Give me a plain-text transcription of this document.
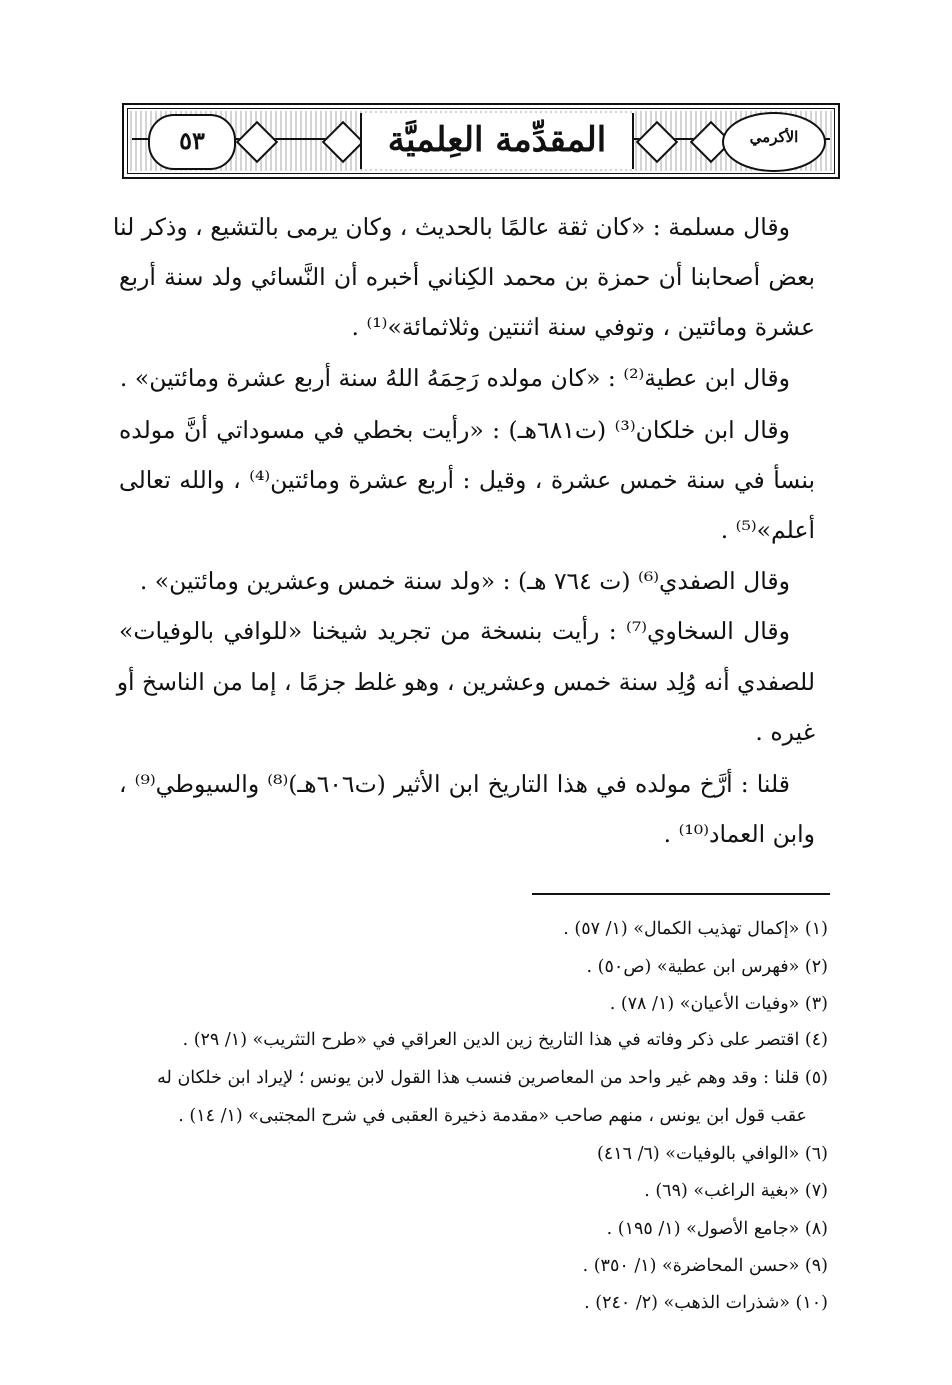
٥٣	المقدِّمة العِلميَّة	الأكرمي
وقال مسلمة : «كان ثقة عالمًا بالحديث ، وكان يرمى بالتشيع ، وذكر لنا
بعض أصحابنا أن حمزة بن محمد الكِناني أخبره أن النَّسائي ولد سنة أربع
عشرة ومائتين ، وتوفي سنة اثنتين وثلاثمائة»⁽¹⁾ .
وقال ابن عطية⁽²⁾ : «كان مولده رَحِمَهُ اللهُ سنة أربع عشرة ومائتين» .
وقال ابن خلكان⁽³⁾ (ت٦٨١هـ) : «رأيت بخطي في مسوداتي أنَّ مولده
بنسأ في سنة خمس عشرة ، وقيل : أربع عشرة ومائتين⁽⁴⁾ ، والله تعالى
أعلم»⁽⁵⁾ .
وقال الصفدي⁽⁶⁾ (ت ٧٦٤ هـ) : «ولد سنة خمس وعشرين ومائتين» .
وقال السخاوي⁽⁷⁾ : رأيت بنسخة من تجريد شيخنا «للوافي بالوفيات»
للصفدي أنه وُلِد سنة خمس وعشرين ، وهو غلط جزمًا ، إما من الناسخ أو
غيره .
قلنا : أرَّخ مولده في هذا التاريخ ابن الأثير (ت٦٠٦هـ)⁽⁸⁾ والسيوطي⁽⁹⁾ ،
وابن العماد⁽¹⁰⁾ .
(١) «إكمال تهذيب الكمال» (١/ ٥٧) .
(٢) «فهرس ابن عطية» (ص٥٠) .
(٣) «وفيات الأعيان» (١/ ٧٨) .
(٤) اقتصر على ذكر وفاته في هذا التاريخ زين الدين العراقي في «طرح التثريب» (١/ ٢٩) .
(٥) قلنا : وقد وهم غير واحد من المعاصرين فنسب هذا القول لابن يونس ؛ لإيراد ابن خلكان له
عقب قول ابن يونس ، منهم صاحب «مقدمة ذخيرة العقبى في شرح المجتبى» (١/ ١٤) .
(٦) «الوافي بالوفيات» (٦/ ٤١٦)
(٧) «بغية الراغب» (٦٩) .
(٨) «جامع الأصول» (١/ ١٩٥) .
(٩) «حسن المحاضرة» (١/ ٣٥٠) .
(١٠) «شذرات الذهب» (٢/ ٢٤٠) .
